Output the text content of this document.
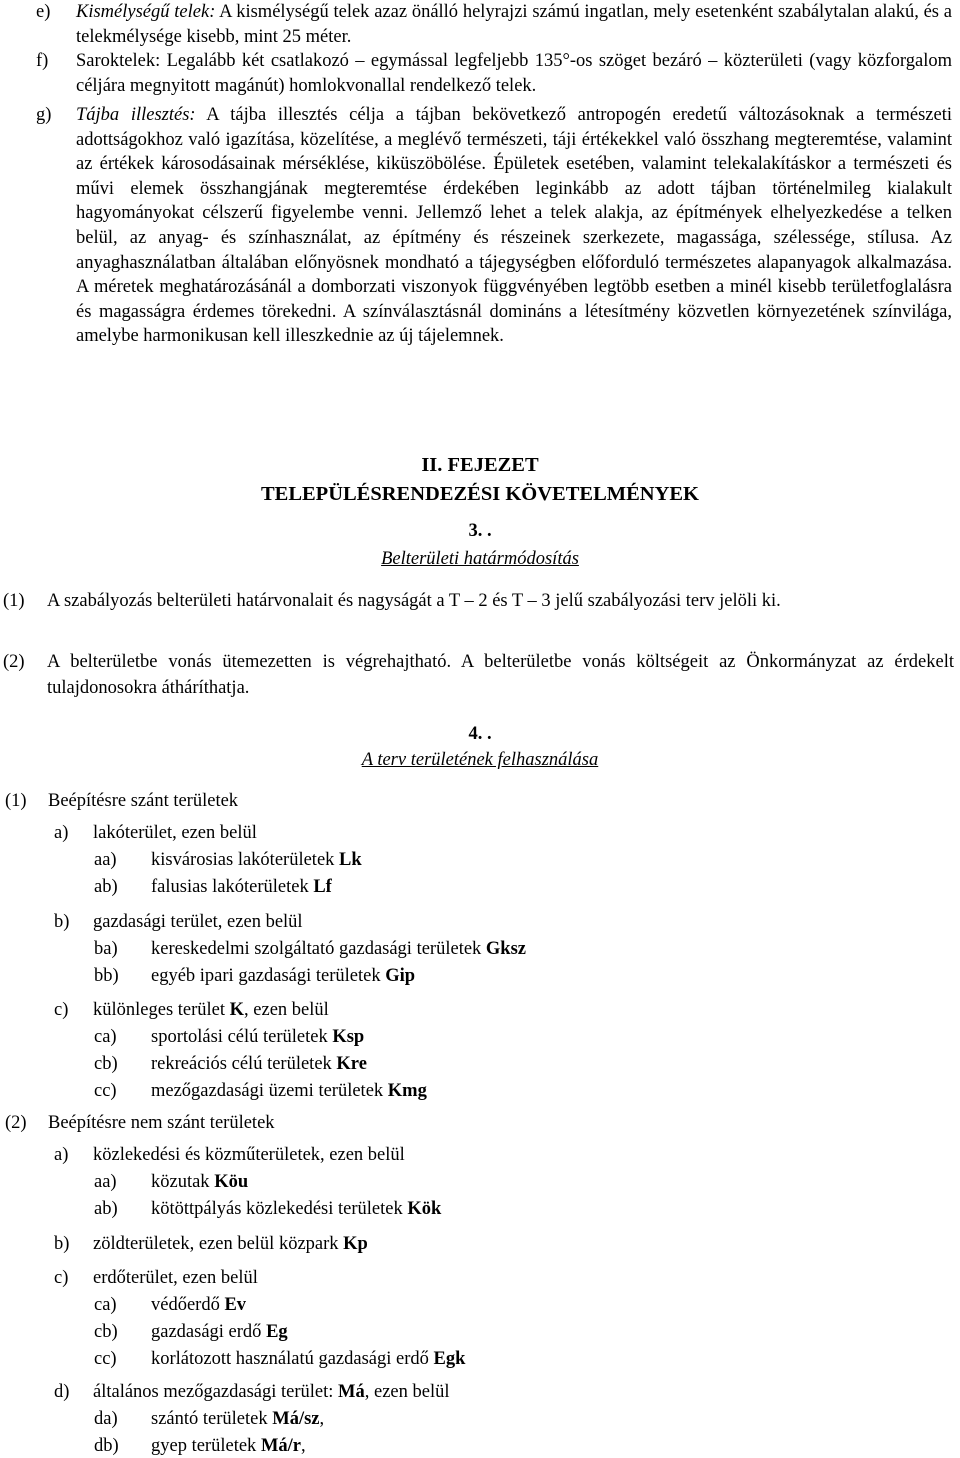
e) Kismélységű telek: A kismélységű telek azaz önálló helyrajzi számú ingatlan, mely esetenként szabálytalan alakú, és a telekmélysége kisebb, mint 25 méter.
f) Saroktelek: Legalább két csatlakozó – egymással legfeljebb 135°-os szöget bezáró – közterületi (vagy közforgalom céljára megnyitott magánút) homlokvonallal rendelkező telek.
g) Tájba illesztés: A tájba illesztés célja a tájban bekövetkező antropogén eredetű változásoknak a természeti adottságokhoz való igazítása, közelítése, a meglévő természeti, táji értékekkel való összhang megteremtése, valamint az értékek károsodásainak mérséklése, kiküszöbölése. Épületek esetében, valamint telekalakításkor a természeti és művi elemek összhangjának megteremtése érdekében leginkább az adott tájban történelmileg kialakult hagyományokat célszerű figyelembe venni. Jellemző lehet a telek alakja, az építmények elhelyezkedése a telken belül, az anyag- és színhasználat, az építmény és részeinek szerkezete, magassága, szélessége, stílusa. Az anyaghasználatban általában előnyösnek mondható a tájegységben előforduló természetes alapanyagok alkalmazása. A méretek meghatározásánál a domborzati viszonyok függvényében legtöbb esetben a minél kisebb területfoglalásra és magasságra érdemes törekedni. A színválasztásnál domináns a létesítmény közvetlen környezetének színvilága, amelybe harmonikusan kell illeszkednie az új tájelemnek.
II. FEJEZET
TELEPÜLÉSRENDEZÉSI KÖVETELMÉNYEK
3. .
Belterületi határmódosítás
(1) A szabályozás belterületi határvonalait és nagyságát a T – 2 és T – 3 jelű szabályozási terv jelöli ki.
(2) A belterületbe vonás ütemezetten is végrehajtható. A belterületbe vonás költségeit az Önkormányzat az érdekelt tulajdonosokra átháríthatja.
4. .
A terv területének felhasználása
(1) Beépítésre szánt területek
a) lakóterület, ezen belül
aa) kisvárosias lakóterületek Lk
ab) falusias lakóterületek Lf
b) gazdasági terület, ezen belül
ba) kereskedelmi szolgáltató gazdasági területek Gksz
bb) egyéb ipari gazdasági területek Gip
c) különleges terület K, ezen belül
ca) sportolási célú területek Ksp
cb) rekreációs célú területek Kre
cc) mezőgazdasági üzemi területek Kmg
(2) Beépítésre nem szánt területek
a) közlekedési és közműterületek, ezen belül
aa) közutak Köu
ab) kötöttpályás közlekedési területek Kök
b) zöldterületek, ezen belül közpark Kp
c) erdőterület, ezen belül
ca) védőerdő Ev
cb) gazdasági erdő Eg
cc) korlátozott használatú gazdasági erdő Egk
d) általános mezőgazdasági terület: Má, ezen belül
da) szántó területek Má/sz,
db) gyep területek Má/r,
